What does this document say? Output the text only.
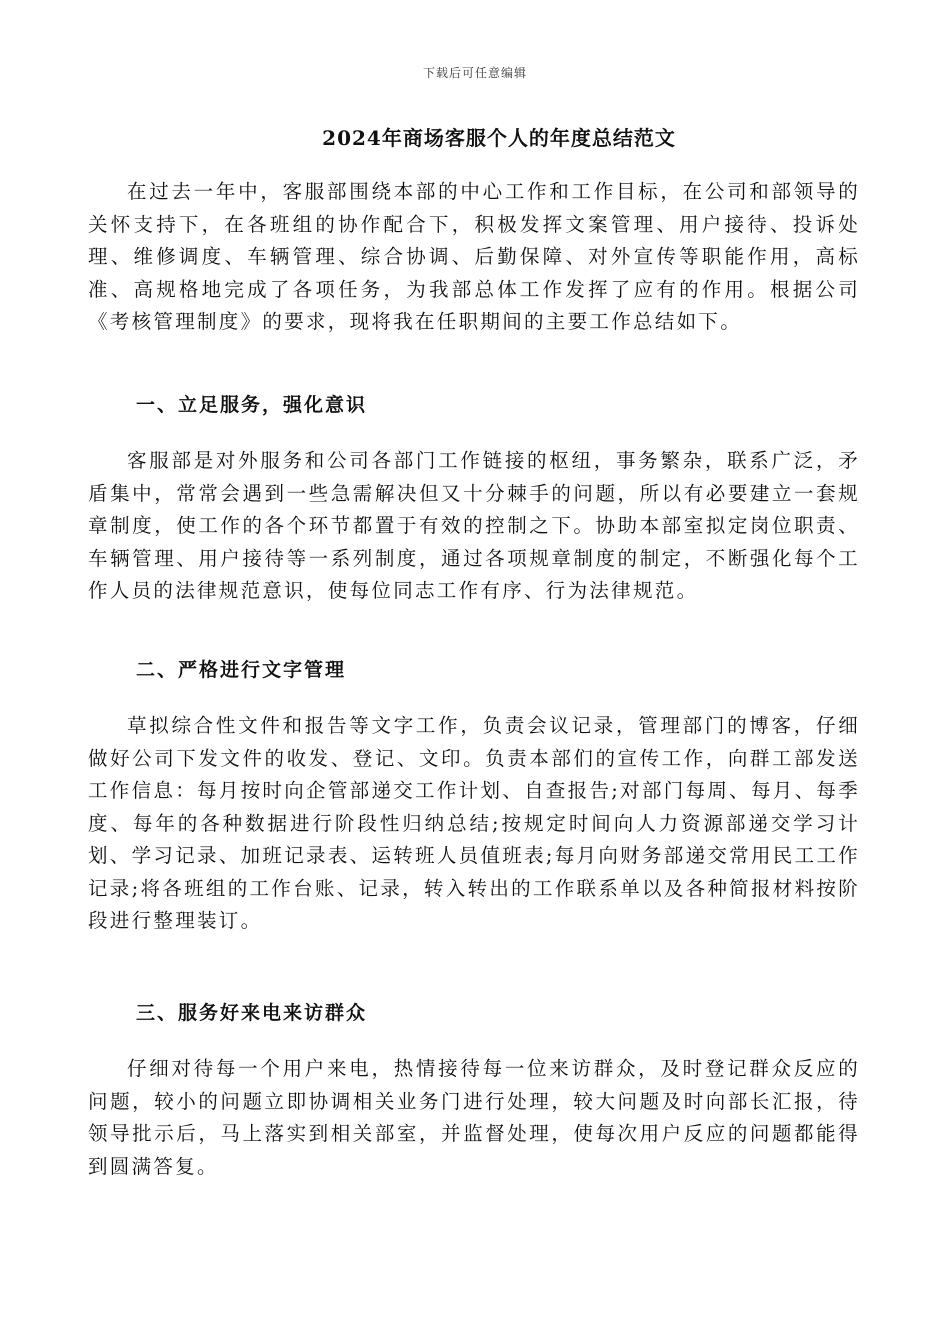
下载后可任意编辑
2024年商场客服个人的年度总结范文

在过去一年中，客服部围绕本部的中心工作和工作目标，在公司和部领导的关怀支持下，在各班组的协作配合下，积极发挥文案管理、用户接待、投诉处理、维修调度、车辆管理、综合协调、后勤保障、对外宣传等职能作用，高标准、高规格地完成了各项任务，为我部总体工作发挥了应有的作用。根据公司《考核管理制度》的要求，现将我在任职期间的主要工作总结如下。

一、立足服务，强化意识

客服部是对外服务和公司各部门工作链接的枢纽，事务繁杂，联系广泛，矛盾集中，常常会遇到一些急需解决但又十分棘手的问题，所以有必要建立一套规章制度，使工作的各个环节都置于有效的控制之下。协助本部室拟定岗位职责、车辆管理、用户接待等一系列制度，通过各项规章制度的制定，不断强化每个工作人员的法律规范意识，使每位同志工作有序、行为法律规范。

二、严格进行文字管理

草拟综合性文件和报告等文字工作，负责会议记录，管理部门的博客，仔细做好公司下发文件的收发、登记、文印。负责本部们的宣传工作，向群工部发送工作信息：每月按时向企管部递交工作计划、自查报告;对部门每周、每月、每季度、每年的各种数据进行阶段性归纳总结;按规定时间向人力资源部递交学习计划、学习记录、加班记录表、运转班人员值班表;每月向财务部递交常用民工工作记录;将各班组的工作台账、记录，转入转出的工作联系单以及各种简报材料按阶段进行整理装订。

三、服务好来电来访群众

仔细对待每一个用户来电，热情接待每一位来访群众，及时登记群众反应的问题，较小的问题立即协调相关业务门进行处理，较大问题及时向部长汇报，待领导批示后，马上落实到相关部室，并监督处理，使每次用户反应的问题都能得到圆满答复。
